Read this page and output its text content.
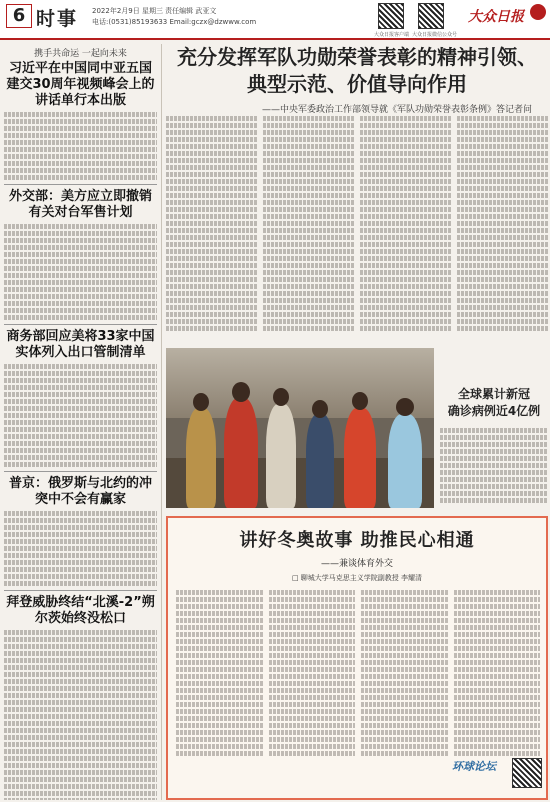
6 时事 2022年2月9日 星期三 责任编辑 武亚文
电话:(0531)85193633 Email:gczx@dzwww.com
大众日报客户端 大众日报微信公众号
大众日报
携手共命运 一起向未来
习近平在中国同中亚五国建交30周年视频峰会上的讲话单行本出版
外交部：美方应立即撤销有关对台军售计划
商务部回应美将33家中国实体列入出口管制清单
普京：俄罗斯与北约的冲突中不会有赢家
拜登威胁终结“北溪-2”朔尔茨始终没松口
充分发挥军队功勋荣誉表彰的精神引领、
典型示范、价值导向作用
——中央军委政治工作部领导就《军队功勋荣誉表彰条例》答记者问
全球累计新冠
确诊病例近4亿例
讲好冬奥故事 助推民心相通
——兼谈体育外交
□ 聊城大学马克思主义学院副教授 李耀清
环球论坛
